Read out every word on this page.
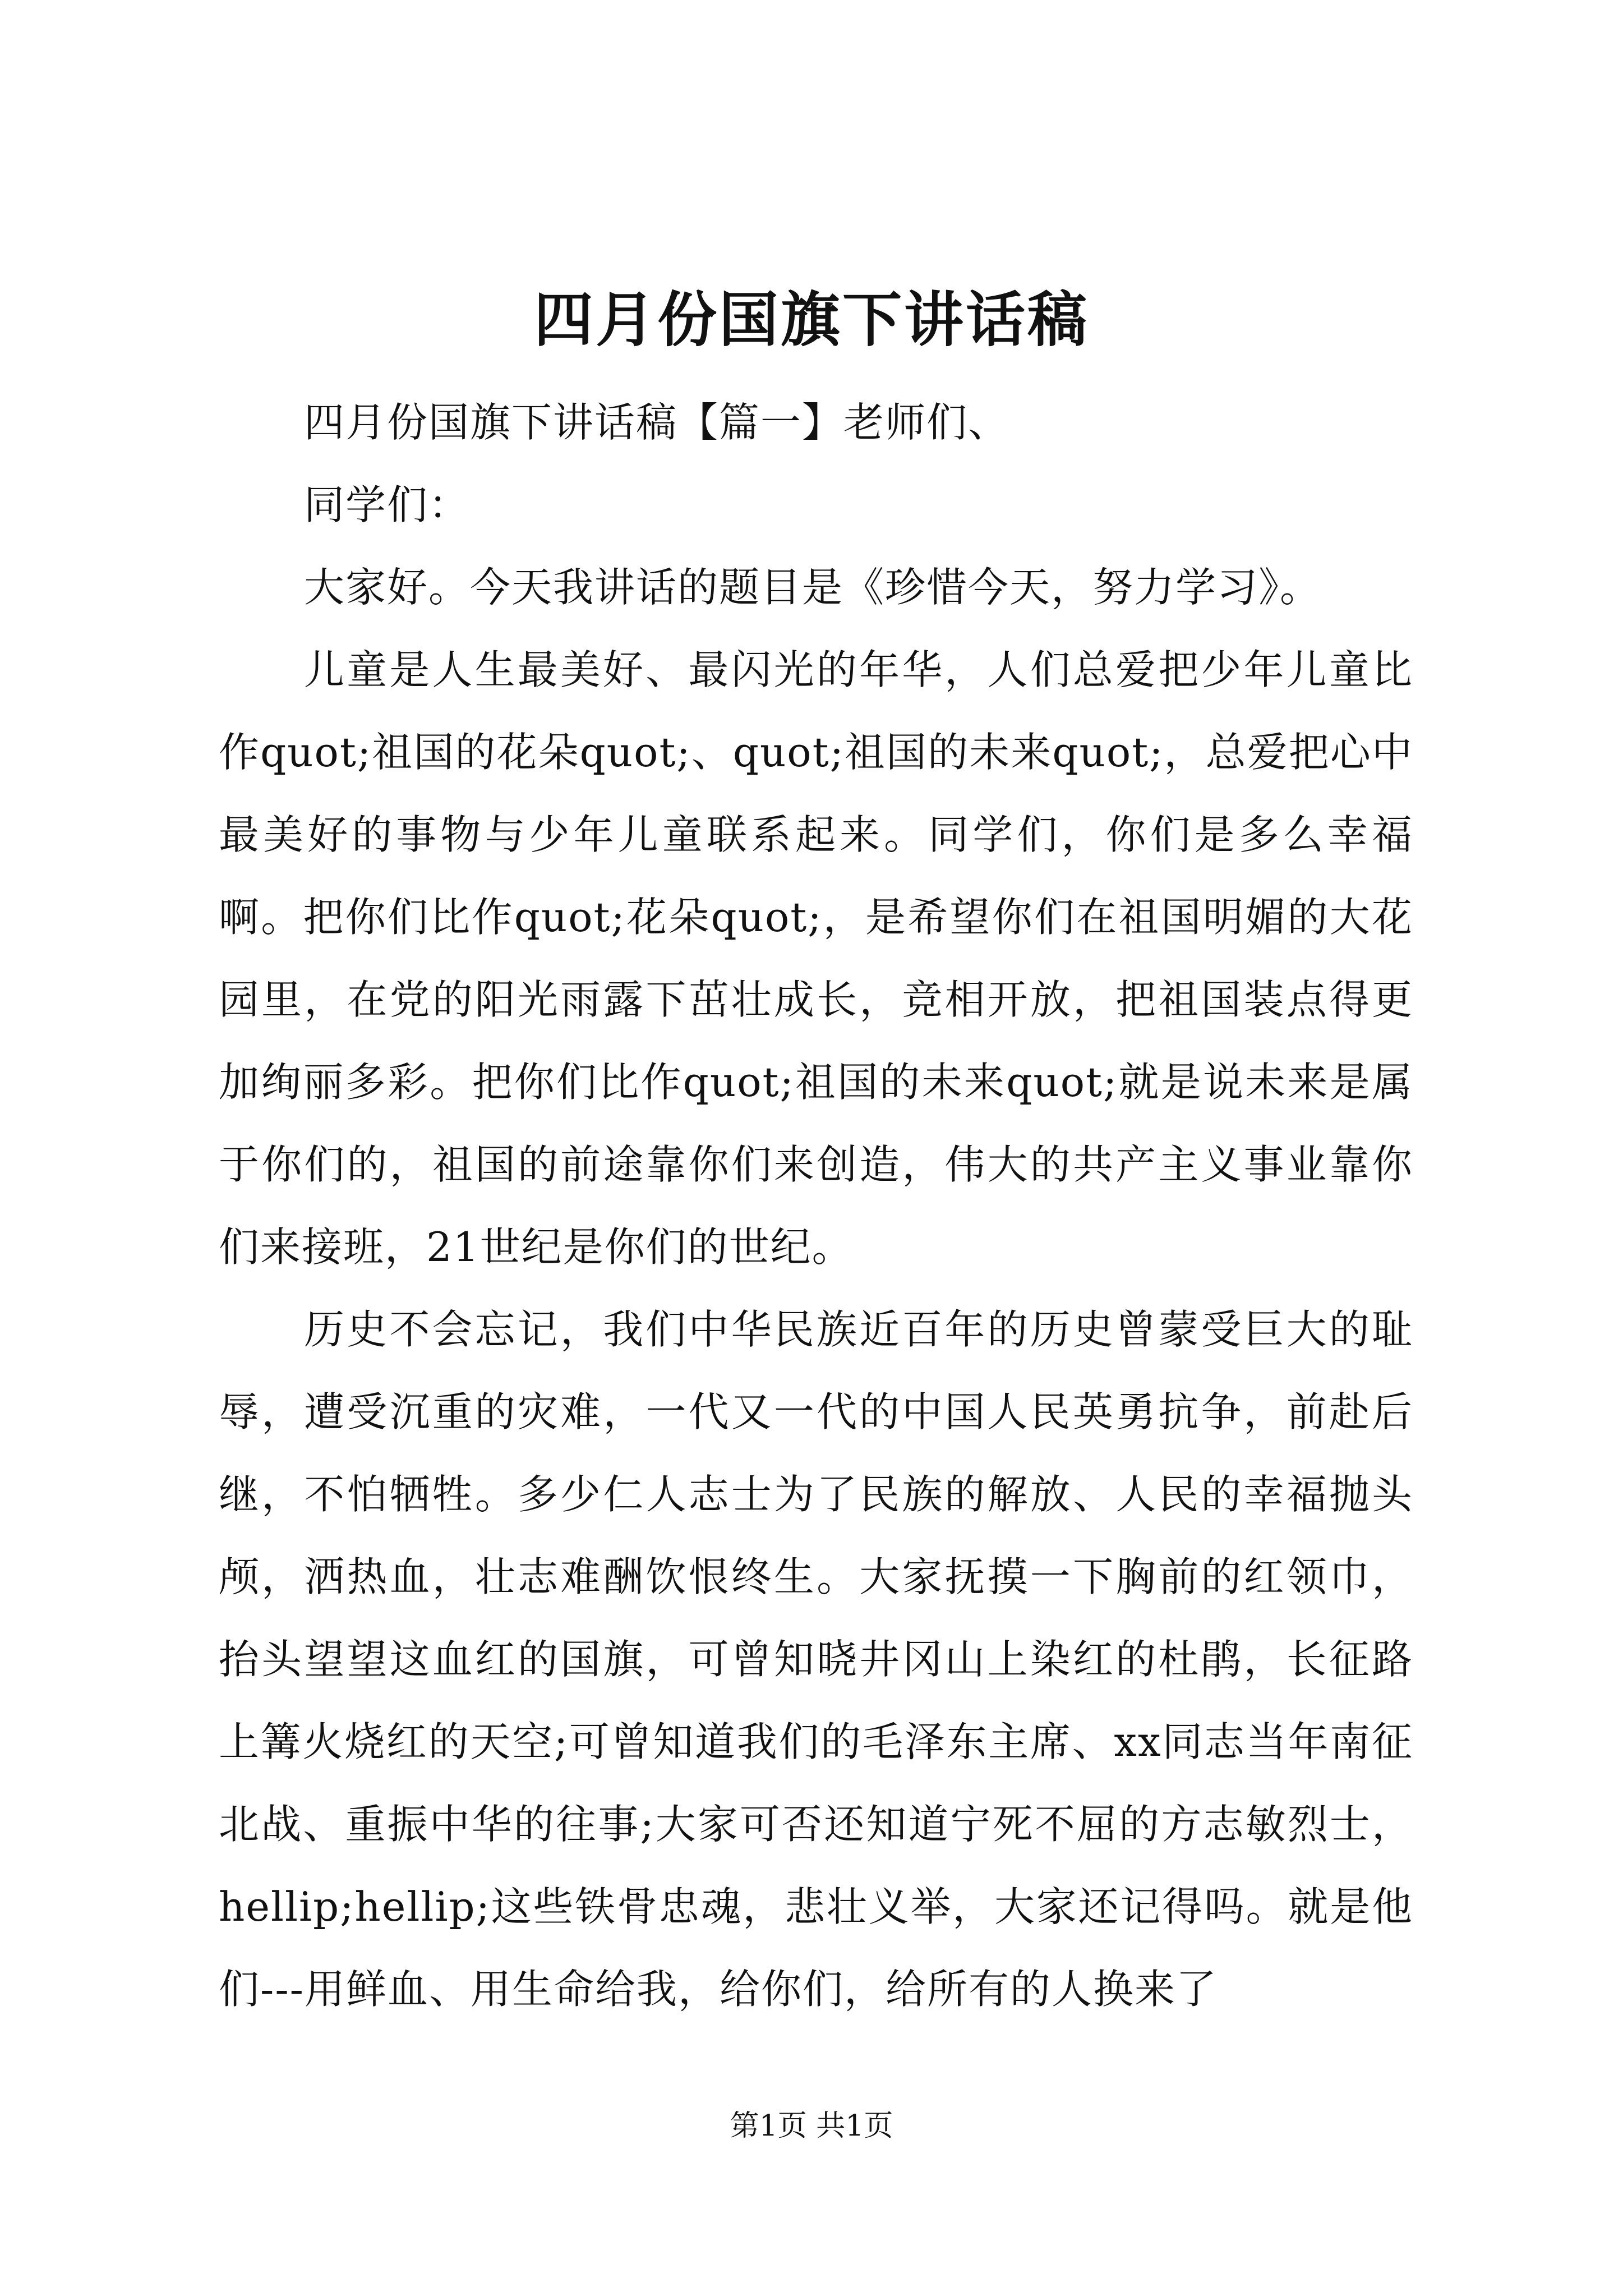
四月份国旗下讲话稿

四月份国旗下讲话稿【篇一】老师们、

同学们：

大家好。今天我讲话的题目是《珍惜今天，努力学习》。

儿童是人生最美好、最闪光的年华，人们总爱把少年儿童比作quot;祖国的花朵quot;、quot;祖国的未来quot;，总爱把心中最美好的事物与少年儿童联系起来。同学们，你们是多么幸福啊。把你们比作quot;花朵quot;，是希望你们在祖国明媚的大花园里，在党的阳光雨露下茁壮成长，竞相开放，把祖国装点得更加绚丽多彩。把你们比作quot;祖国的未来quot;就是说未来是属于你们的，祖国的前途靠你们来创造，伟大的共产主义事业靠你们来接班，21世纪是你们的世纪。

历史不会忘记，我们中华民族近百年的历史曾蒙受巨大的耻辱，遭受沉重的灾难，一代又一代的中国人民英勇抗争，前赴后继，不怕牺牲。多少仁人志士为了民族的解放、人民的幸福抛头颅，洒热血，壮志难酬饮恨终生。大家抚摸一下胸前的红领巾，抬头望望这血红的国旗，可曾知晓井冈山上染红的杜鹃，长征路上篝火烧红的天空;可曾知道我们的毛泽东主席、xx同志当年南征北战、重振中华的往事;大家可否还知道宁死不屈的方志敏烈士，hellip;hellip;这些铁骨忠魂，悲壮义举，大家还记得吗。就是他们---用鲜血、用生命给我，给你们，给所有的人换来了

第1页 共1页
